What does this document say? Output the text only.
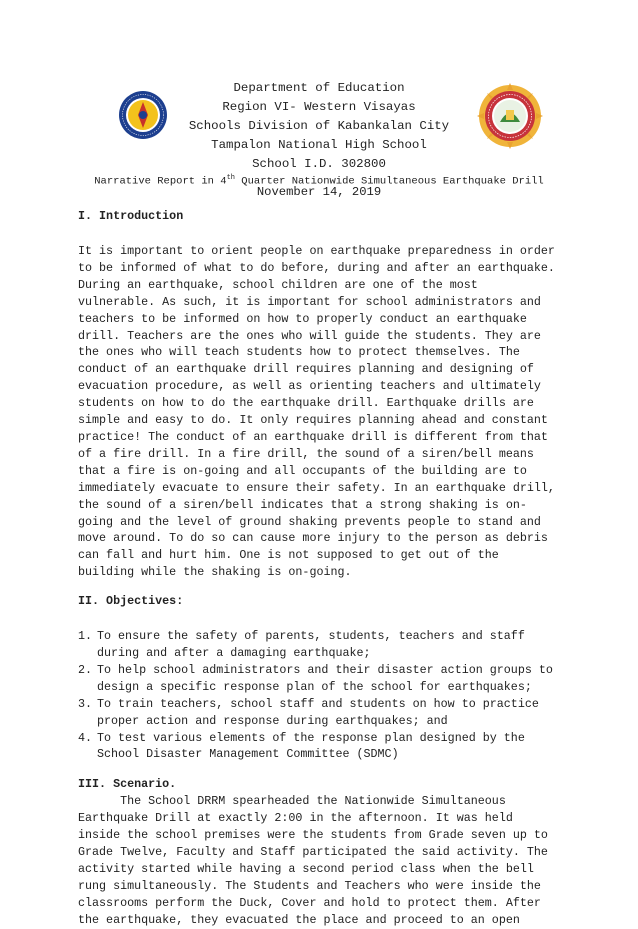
Department of Education
Region VI- Western Visayas
Schools Division of Kabankalan City
Tampalon National High School
School I.D. 302800
Narrative Report in 4th Quarter Nationwide Simultaneous Earthquake Drill
November 14, 2019
I. Introduction
It is important to orient people on earthquake preparedness in order
to be informed of what to do before, during and after an earthquake.
During an earthquake, school children are one of the most
vulnerable. As such, it is important for school administrators and
teachers to be informed on how to properly conduct an earthquake
drill. Teachers are the ones who will guide the students. They are
the ones who will teach students how to protect themselves. The
conduct of an earthquake drill requires planning and designing of
evacuation procedure, as well as orienting teachers and ultimately
students on how to do the earthquake drill. Earthquake drills are
simple and easy to do. It only requires planning ahead and constant
practice! The conduct of an earthquake drill is different from that
of a fire drill. In a fire drill, the sound of a siren/bell means
that a fire is on-going and all occupants of the building are to
immediately evacuate to ensure their safety. In an earthquake drill,
the sound of a siren/bell indicates that a strong shaking is on-
going and the level of ground shaking prevents people to stand and
move around. To do so can cause more injury to the person as debris
can fall and hurt him. One is not supposed to get out of the
building while the shaking is on-going.
II. Objectives:
1. To ensure the safety of parents, students, teachers and staff
during and after a damaging earthquake;
2. To help school administrators and their disaster action groups to
design a specific response plan of the school for earthquakes;
3. To train teachers, school staff and students on how to practice
proper action and response during earthquakes; and
4. To test various elements of the response plan designed by the
School Disaster Management Committee (SDMC)
III. Scenario.
The School DRRM spearheaded the Nationwide Simultaneous
Earthquake Drill at exactly 2:00 in the afternoon. It was held
inside the school premises were the students from Grade seven up to
Grade Twelve, Faculty and Staff participated the said activity. The
activity started while having a second period class when the bell
rung simultaneously. The Students and Teachers who were inside the
classrooms perform the Duck, Cover and hold to protect them. After
the earthquake, they evacuated the place and proceed to an open
